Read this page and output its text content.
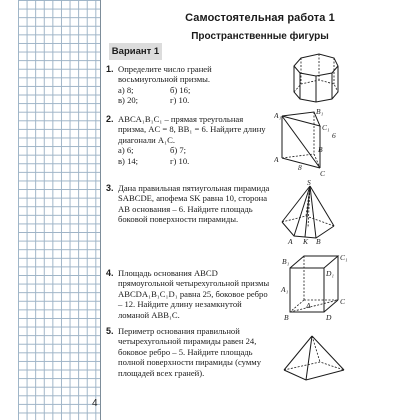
4
Самостоятельная работа 1
Пространственные фигуры
Вариант 1
1. Определите число граней восьмиугольной призмы.
а) 8;	б) 16;
в) 20;	г) 10.
2. ABCA₁B₁C₁ – прямая треугольная призма, AC = 8, BB₁ = 6. Найдите длину диагонали A₁C.
а) 6;	б) 7;
в) 14;	г) 10.
3. Дана правильная пятиугольная пирамида SABCDE, апофема SK равна 10, сторона AB основания – 6. Найдите площадь боковой поверхности пирамиды.
4. Площадь основания ABCD прямоугольной четырехугольной призмы ABCDA₁B₁C₁D₁ равна 25, боковое ребро – 12. Найдите длину незамкнутой ломаной ABB₁C.
5. Периметр основания правильной четырехугольной пирамиды равен 24, боковое ребро – 5. Найдите площадь полной поверхности пирамиды (сумму площадей всех граней).
A₁	B₁
C₁
6
A
B
C
8
S
A	B
K
B₁	C₁
A₁
D₁
B
C
A
D
